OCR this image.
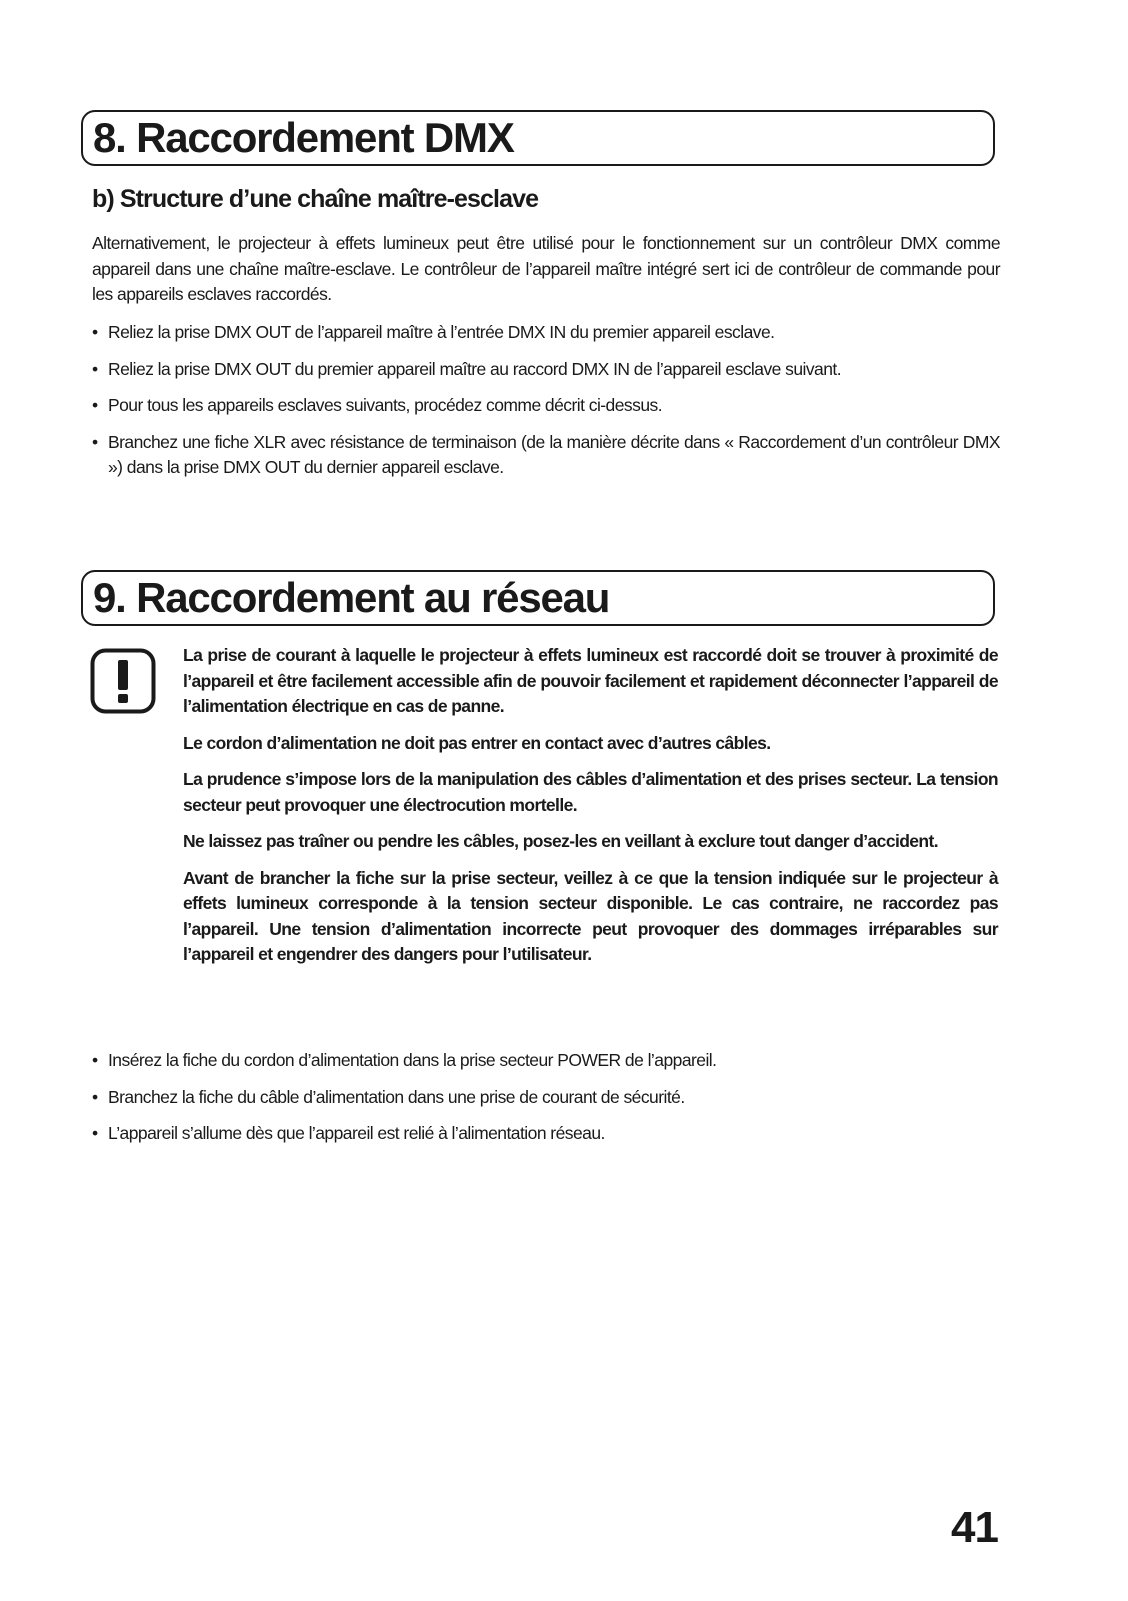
8. Raccordement DMX
b) Structure d’une chaîne maître-esclave

Alternativement, le projecteur à effets lumineux peut être utilisé pour le fonctionnement sur un contrôleur DMX comme appareil dans une chaîne maître-esclave. Le contrôleur de l’appareil maître intégré sert ici de contrôleur de commande pour les appareils esclaves raccordés.

• Reliez la prise DMX OUT de l’appareil maître à l’entrée DMX IN du premier appareil esclave.
• Reliez la prise DMX OUT du premier appareil maître au raccord DMX IN de l’appareil esclave suivant.
• Pour tous les appareils esclaves suivants, procédez comme décrit ci-dessus.
• Branchez une fiche XLR avec résistance de terminaison (de la manière décrite dans « Raccordement d’un contrôleur DMX ») dans la prise DMX OUT du dernier appareil esclave.
9. Raccordement au réseau

La prise de courant à laquelle le projecteur à effets lumineux est raccordé doit se trouver à proximité de l’appareil et être facilement accessible afin de pouvoir facilement et rapidement déconnecter l’appareil de l’alimentation électrique en cas de panne.

Le cordon d’alimentation ne doit pas entrer en contact avec d’autres câbles.

La prudence s’impose lors de la manipulation des câbles d’alimentation et des prises secteur. La tension secteur peut provoquer une électrocution mortelle.

Ne laissez pas traîner ou pendre les câbles, posez-les en veillant à exclure tout danger d’accident.

Avant de brancher la fiche sur la prise secteur, veillez à ce que la tension indiquée sur le projecteur à effets lumineux corresponde à la tension secteur disponible. Le cas contraire, ne raccordez pas l’appareil. Une tension d’alimentation incorrecte peut provoquer des dommages irréparables sur l’appareil et engendrer des dangers pour l’utilisateur.

• Insérez la fiche du cordon d’alimentation dans la prise secteur POWER de l’appareil.
• Branchez la fiche du câble d’alimentation dans une prise de courant de sécurité.
• L’appareil s’allume dès que l’appareil est relié à l’alimentation réseau.
41
